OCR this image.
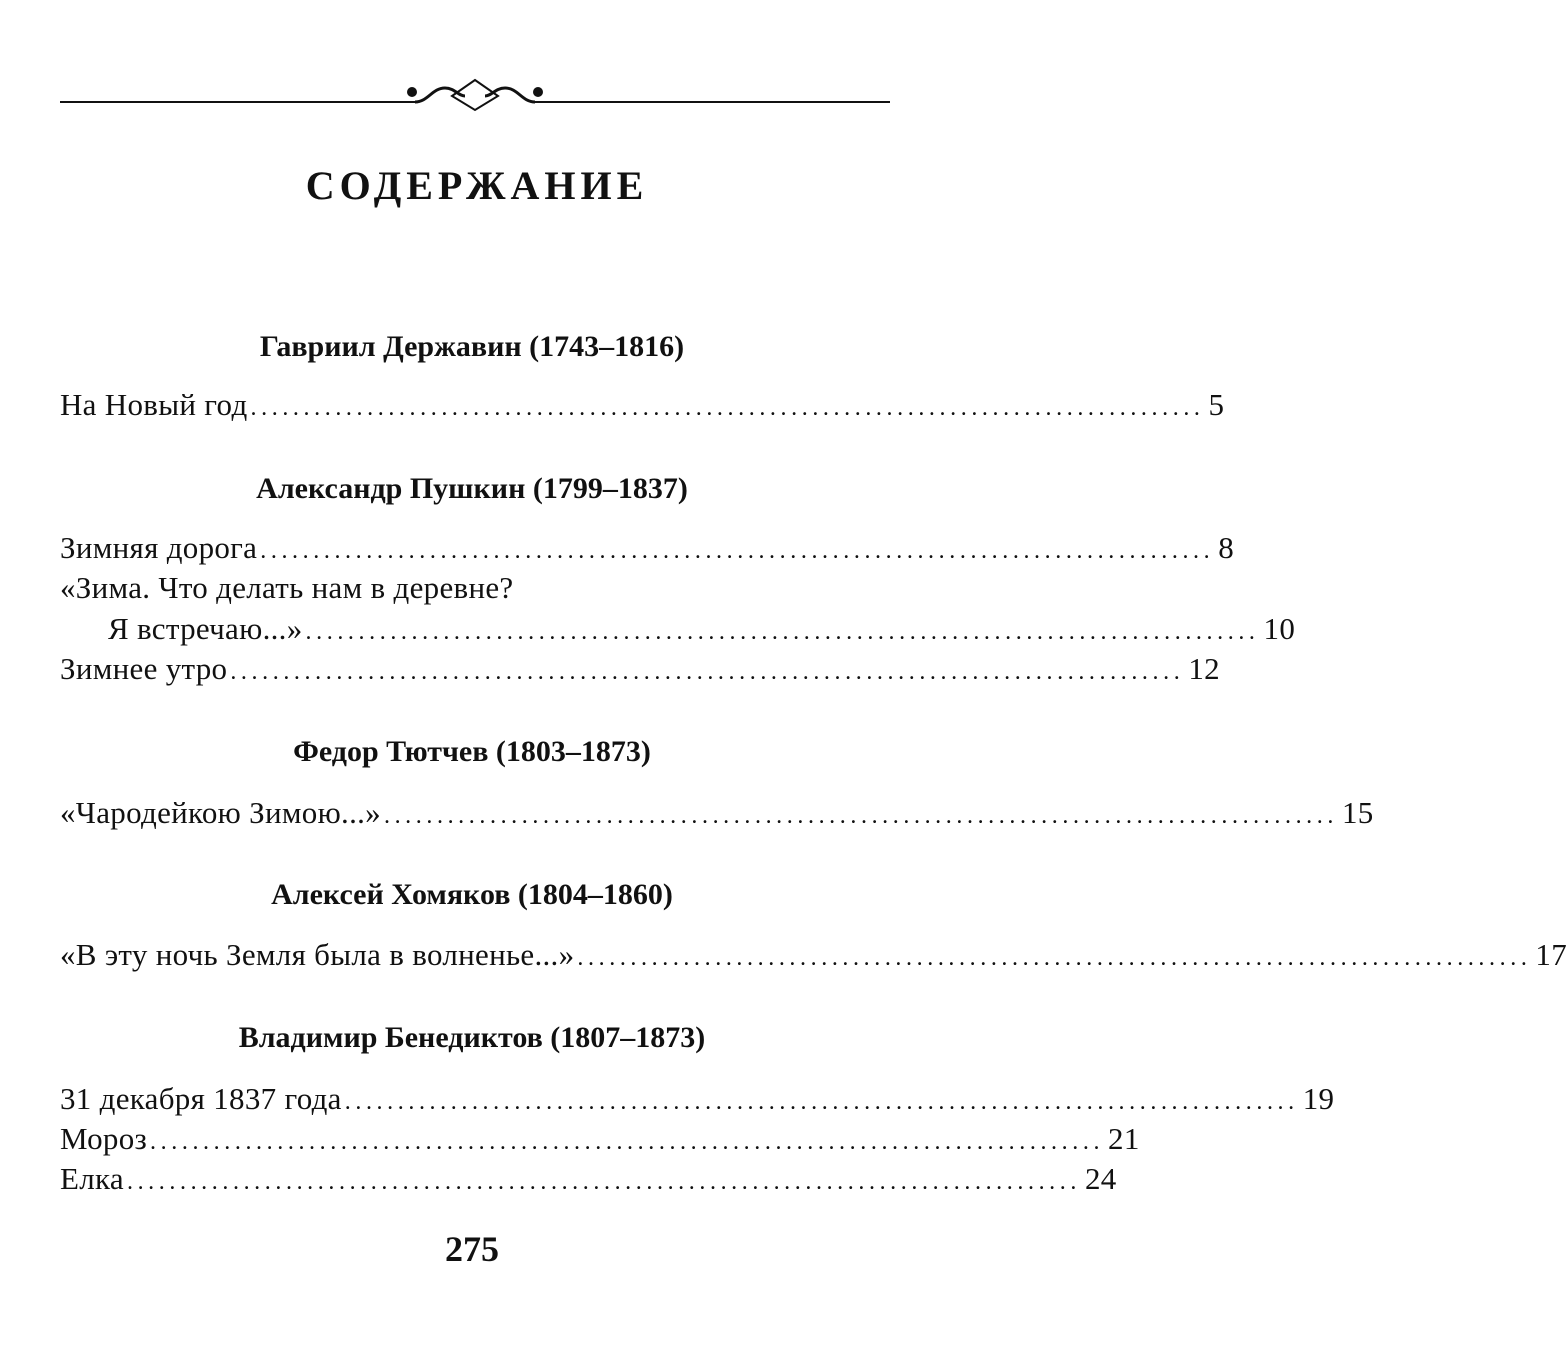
СОДЕРЖАНИЕ
Гавриил Державин (1743–1816)
На Новый год .......................................................................................... 5
Александр Пушкин (1799–1837)
Зимняя дорога .......................................................................................... 8
«Зима. Что делать нам в деревне?
Я встречаю...» .......................................................................................... 10
Зимнее утро .......................................................................................... 12
Федор Тютчев (1803–1873)
«Чародейкою Зимою...» .......................................................................................... 15
Алексей Хомяков (1804–1860)
«В эту ночь Земля была в волненье...» .......................................................................................... 17
Владимир Бенедиктов (1807–1873)
31 декабря 1837 года .......................................................................................... 19
Мороз .......................................................................................... 21
Елка .......................................................................................... 24
275
